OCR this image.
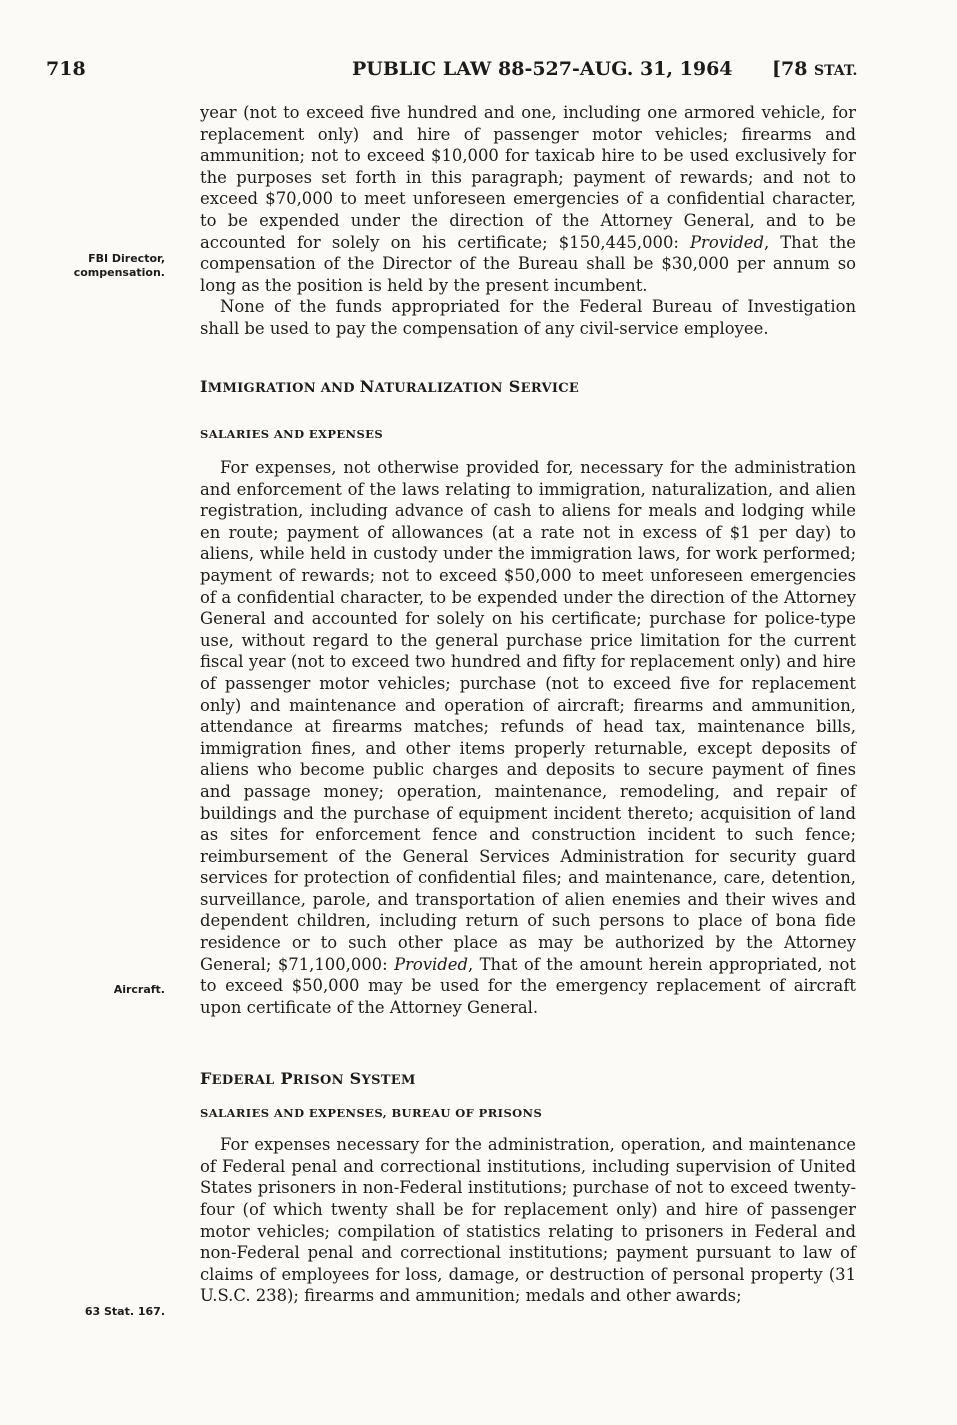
718	PUBLIC LAW 88-527-AUG. 31, 1964 [78 STAT.
FBI Director, compensation.
Aircraft.
63 Stat. 167.

year (not to exceed five hundred and one, including one armored vehicle, for replacement only) and hire of passenger motor vehicles; firearms and ammunition; not to exceed $10,000 for taxicab hire to be used exclusively for the purposes set forth in this paragraph; payment of rewards; and not to exceed $70,000 to meet unforeseen emergencies of a confidential character, to be expended under the direction of the Attorney General, and to be accounted for solely on his certificate; $150,445,000: Provided, That the compensation of the Director of the Bureau shall be $30,000 per annum so long as the position is held by the present incumbent.

None of the funds appropriated for the Federal Bureau of Investigation shall be used to pay the compensation of any civil-service employee.

IMMIGRATION AND NATURALIZATION SERVICE

SALARIES AND EXPENSES

For expenses, not otherwise provided for, necessary for the administration and enforcement of the laws relating to immigration, naturalization, and alien registration, including advance of cash to aliens for meals and lodging while en route; payment of allowances (at a rate not in excess of $1 per day) to aliens, while held in custody under the immigration laws, for work performed; payment of rewards; not to exceed $50,000 to meet unforeseen emergencies of a confidential character, to be expended under the direction of the Attorney General and accounted for solely on his certificate; purchase for police-type use, without regard to the general purchase price limitation for the current fiscal year (not to exceed two hundred and fifty for replacement only) and hire of passenger motor vehicles; purchase (not to exceed five for replacement only) and maintenance and operation of aircraft; firearms and ammunition, attendance at firearms matches; refunds of head tax, maintenance bills, immigration fines, and other items properly returnable, except deposits of aliens who become public charges and deposits to secure payment of fines and passage money; operation, maintenance, remodeling, and repair of buildings and the purchase of equipment incident thereto; acquisition of land as sites for enforcement fence and construction incident to such fence; reimbursement of the General Services Administration for security guard services for protection of confidential files; and maintenance, care, detention, surveillance, parole, and transportation of alien enemies and their wives and dependent children, including return of such persons to place of bona fide residence or to such other place as may be authorized by the Attorney General; $71,100,000: Provided, That of the amount herein appropriated, not to exceed $50,000 may be used for the emergency replacement of aircraft upon certificate of the Attorney General.

FEDERAL PRISON SYSTEM

SALARIES AND EXPENSES, BUREAU OF PRISONS

For expenses necessary for the administration, operation, and maintenance of Federal penal and correctional institutions, including supervision of United States prisoners in non-Federal institutions; purchase of not to exceed twenty-four (of which twenty shall be for replacement only) and hire of passenger motor vehicles; compilation of statistics relating to prisoners in Federal and non-Federal penal and correctional institutions; payment pursuant to law of claims of employees for loss, damage, or destruction of personal property (31 U.S.C. 238); firearms and ammunition; medals and other awards;
